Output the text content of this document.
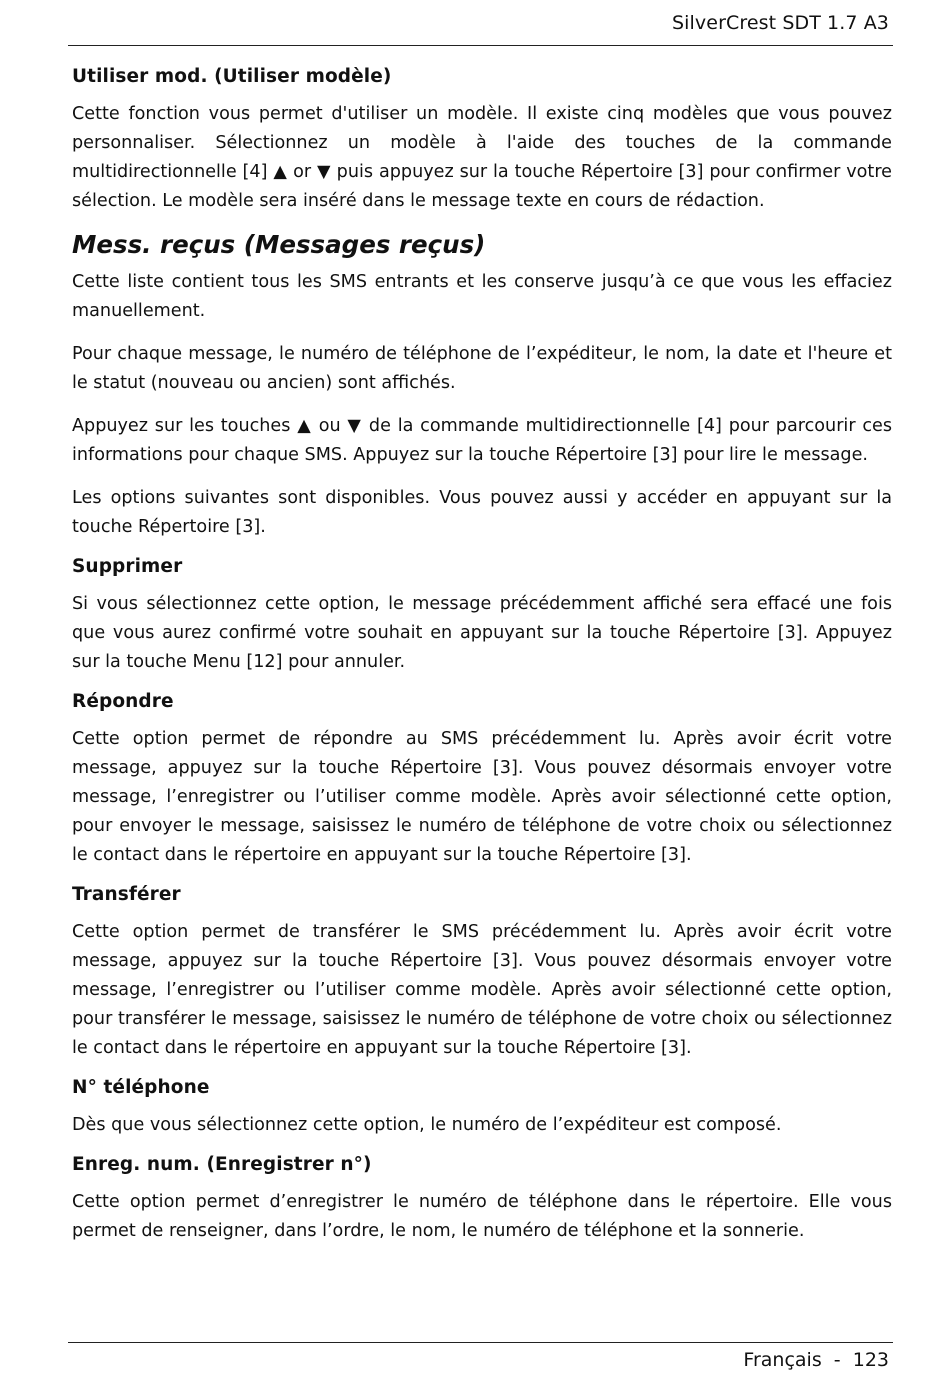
SilverCrest SDT 1.7 A3
Utiliser mod. (Utiliser modèle)

Cette fonction vous permet d'utiliser un modèle. Il existe cinq modèles que vous pouvez personnaliser. Sélectionnez un modèle à l'aide des touches de la commande multidirectionnelle [4] ▲ or ▼ puis appuyez sur la touche Répertoire [3] pour confirmer votre sélection. Le modèle sera inséré dans le message texte en cours de rédaction.

Mess. reçus (Messages reçus)

Cette liste contient tous les SMS entrants et les conserve jusqu’à ce que vous les effaciez manuellement.

Pour chaque message, le numéro de téléphone de l’expéditeur, le nom, la date et l'heure et le statut (nouveau ou ancien) sont affichés.

Appuyez sur les touches ▲ ou ▼ de la commande multidirectionnelle [4] pour parcourir ces informations pour chaque SMS. Appuyez sur la touche Répertoire [3] pour lire le message.

Les options suivantes sont disponibles. Vous pouvez aussi y accéder en appuyant sur la touche Répertoire [3].

Supprimer

Si vous sélectionnez cette option, le message précédemment affiché sera effacé une fois que vous aurez confirmé votre souhait en appuyant sur la touche Répertoire [3]. Appuyez sur la touche Menu [12] pour annuler.

Répondre

Cette option permet de répondre au SMS précédemment lu. Après avoir écrit votre message, appuyez sur la touche Répertoire [3]. Vous pouvez désormais envoyer votre message, l’enregistrer ou l’utiliser comme modèle. Après avoir sélectionné cette option, pour envoyer le message, saisissez le numéro de téléphone de votre choix ou sélectionnez le contact dans le répertoire en appuyant sur la touche Répertoire [3].

Transférer

Cette option permet de transférer le SMS précédemment lu. Après avoir écrit votre message, appuyez sur la touche Répertoire [3]. Vous pouvez désormais envoyer votre message, l’enregistrer ou l’utiliser comme modèle. Après avoir sélectionné cette option, pour transférer le message, saisissez le numéro de téléphone de votre choix ou sélectionnez le contact dans le répertoire en appuyant sur la touche Répertoire [3].

N° téléphone

Dès que vous sélectionnez cette option, le numéro de l’expéditeur est composé.

Enreg. num. (Enregistrer n°)

Cette option permet d’enregistrer le numéro de téléphone dans le répertoire. Elle vous permet de renseigner, dans l’ordre, le nom, le numéro de téléphone et la sonnerie.

Français  -  123
